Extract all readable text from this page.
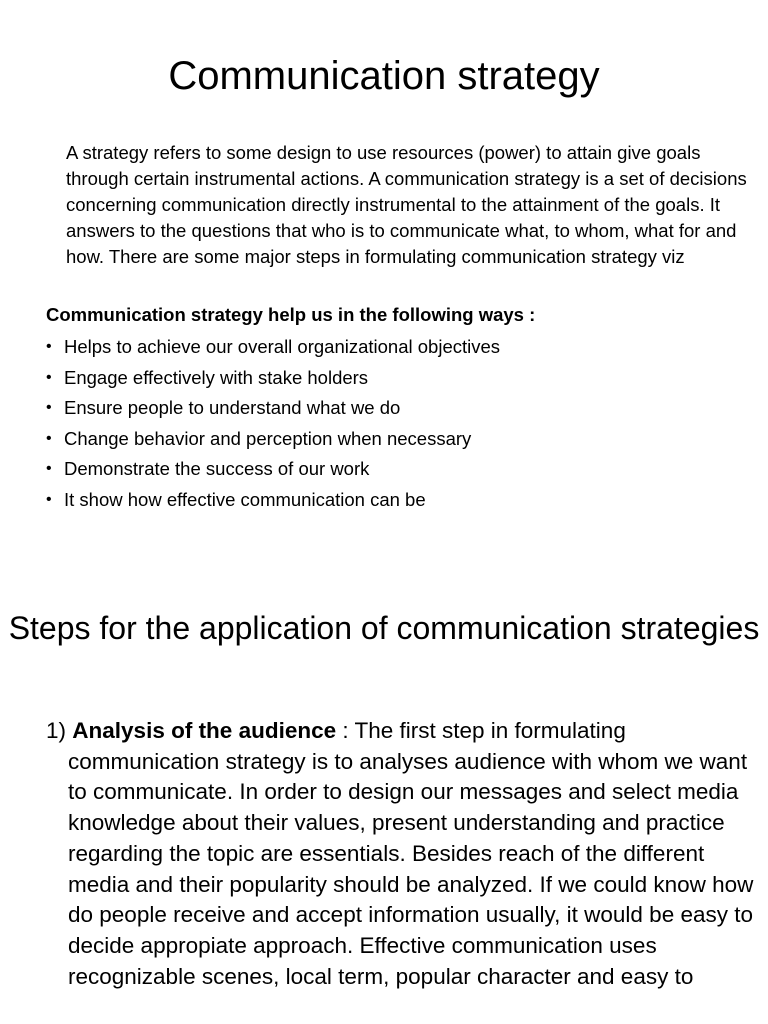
Communication strategy

A strategy refers to some design to use resources (power) to attain give goals through certain instrumental actions. A communication strategy is a set of decisions concerning communication directly instrumental to the attainment of the goals. It answers to the questions that who is to communicate what, to whom, what for and how. There are some major steps in formulating communication strategy viz

Communication strategy help us in the following ways :

• Helps to achieve our overall organizational objectives
• Engage effectively with stake holders
• Ensure people to understand what we do
• Change behavior and perception when necessary
• Demonstrate the success of our work
• It show how effective communication can be
Steps for the application of communication strategies

1) Analysis of the audience : The first step in formulating communication strategy is to analyses audience with whom we want to communicate. In order to design our messages and select media knowledge about their values, present understanding and practice regarding the topic are essentials. Besides reach of the different media and their popularity should be analyzed. If we could know how do people receive and accept information usually, it would be easy to decide appropiate approach. Effective communication uses recognizable scenes, local term, popular character and easy to
